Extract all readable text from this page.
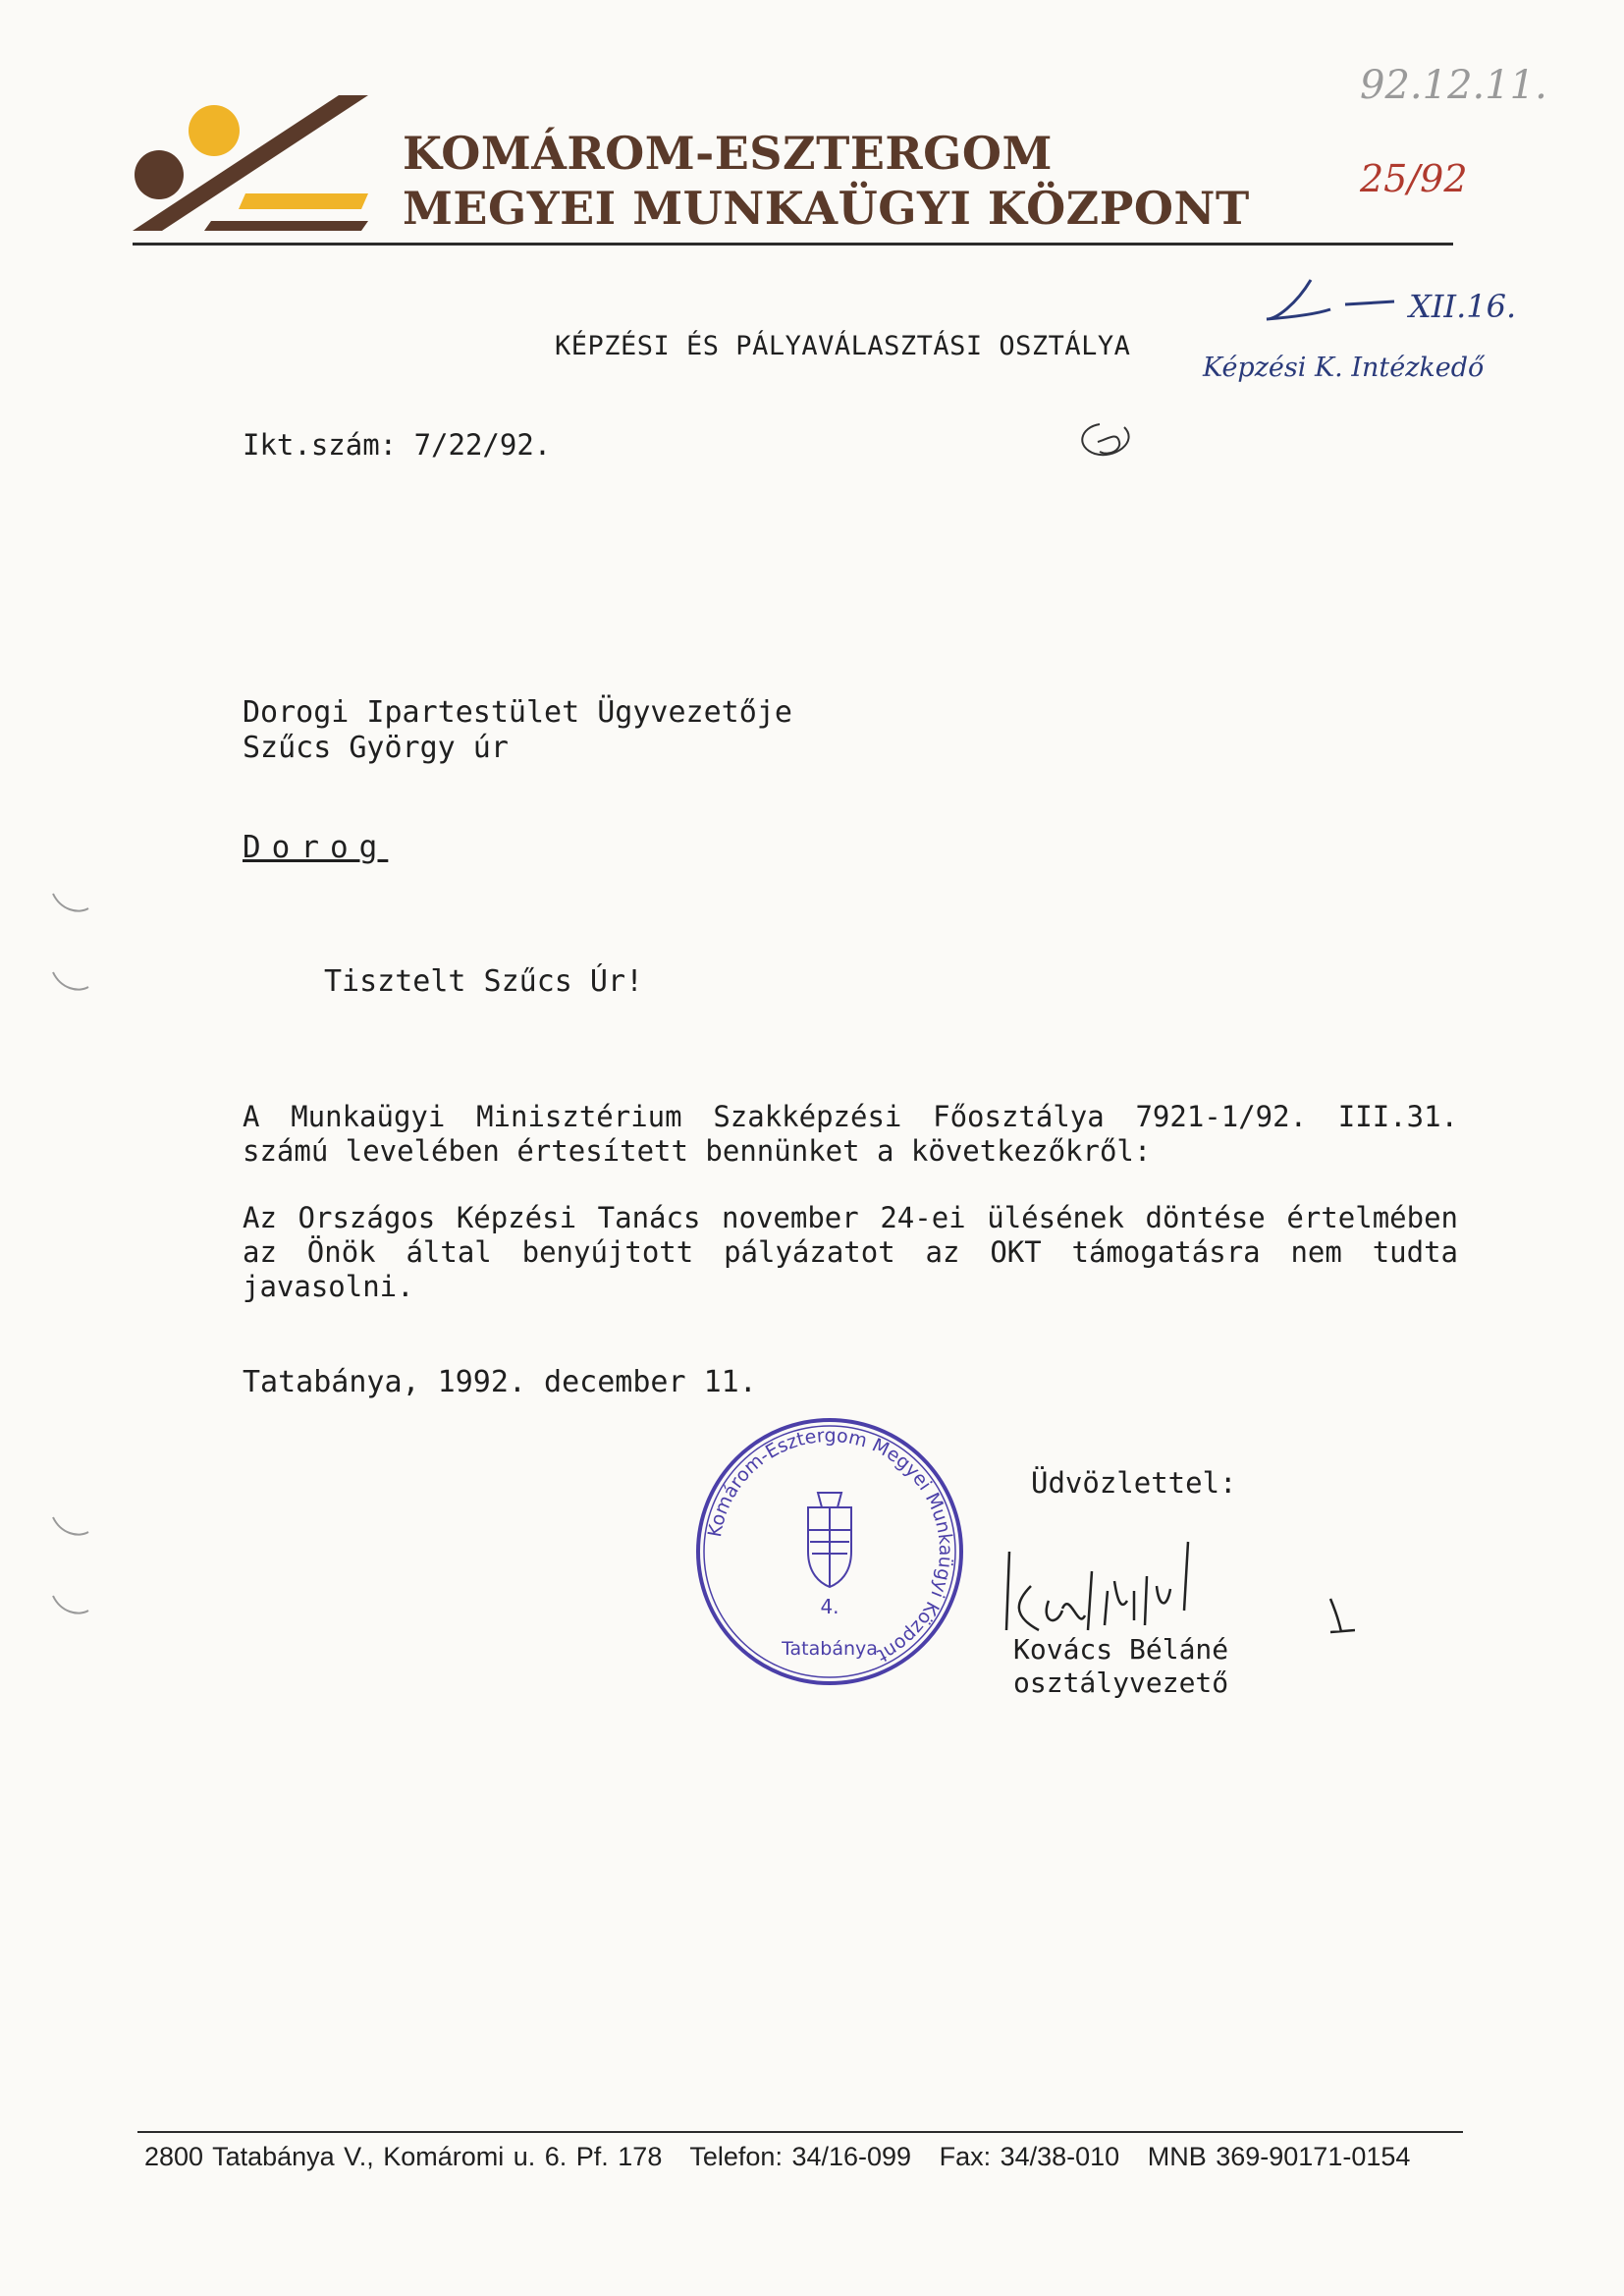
KOMÁROM-ESZTERGOM
MEGYEI MUNKAÜGYI KÖZPONT
92.12.11.
25/92
XII.16.
Képzési K. Intézkedő
KÉPZÉSI ÉS PÁLYAVÁLASZTÁSI OSZTÁLYA
Ikt.szám: 7/22/92.
Dorogi Ipartestület Ügyvezetője
Szűcs György úr
Dorog
Tisztelt Szűcs Úr!
A Munkaügyi Minisztérium Szakképzési Főosztálya 7921-1/92. III.31. számú levelében értesített bennünket a következőkről:
Az Országos Képzési Tanács november 24-ei ülésének döntése értelmében az Önök által benyújtott pályázatot az OKT támogatásra nem tudta javasolni.
Tatabánya, 1992. december 11.
Komárom-Esztergom Megyei Munkaügyi Központ
4.
Tatabánya
Üdvözlettel:
Kovács Béláné
osztályvezető
2800 Tatabánya V., Komáromi u. 6. Pf. 178 Telefon: 34/16-099 Fax: 34/38-010 MNB 369-90171-0154
